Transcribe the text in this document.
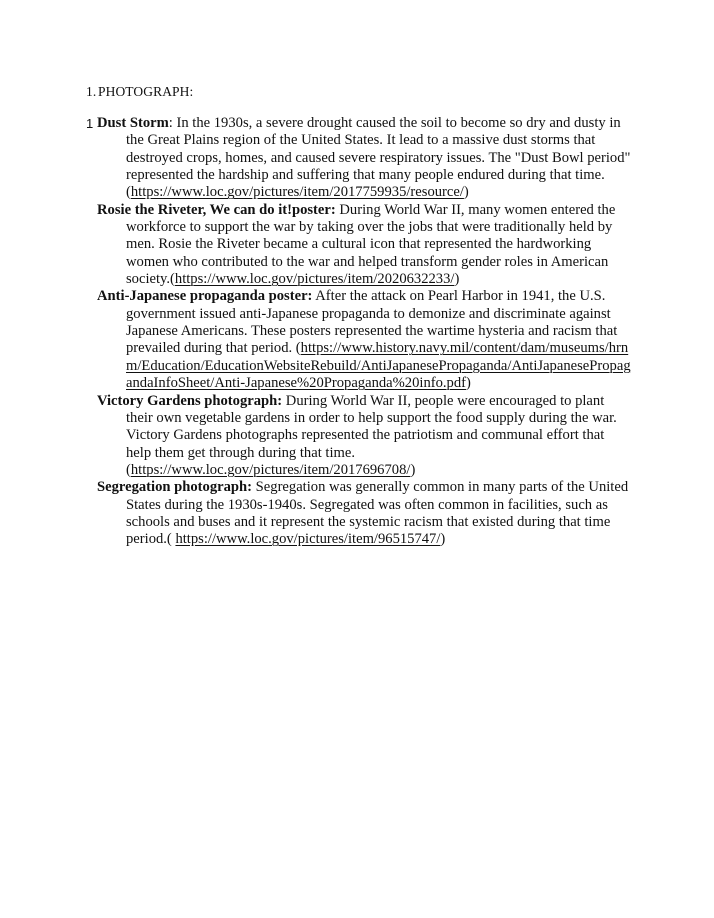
1. PHOTOGRAPH:
1 Dust Storm: In the 1930s, a severe drought caused the soil to become so dry and dusty in the Great Plains region of the United States. It lead to a massive dust storms that destroyed crops, homes, and caused severe respiratory issues. The "Dust Bowl period" represented the hardship and suffering that many people endured during that time. (https://www.loc.gov/pictures/item/2017759935/resource/)
Rosie the Riveter, We can do it!poster: During World War II, many women entered the workforce to support the war by taking over the jobs that were traditionally held by men. Rosie the Riveter became a cultural icon that represented the hardworking women who contributed to the war and helped transform gender roles in American society.(https://www.loc.gov/pictures/item/2020632233/)
Anti-Japanese propaganda poster: After the attack on Pearl Harbor in 1941, the U.S. government issued anti-Japanese propaganda to demonize and discriminate against Japanese Americans. These posters represented the wartime hysteria and racism that prevailed during that period. (https://www.history.navy.mil/content/dam/museums/hrnm/Education/EducationWebsiteRebuild/AntiJapanesePropaganda/AntiJapanesePropagandaInfoSheet/Anti-Japanese%20Propaganda%20info.pdf)
Victory Gardens photograph: During World War II, people were encouraged to plant their own vegetable gardens in order to help support the food supply during the war. Victory Gardens photographs represented the patriotism and communal effort that help them get through during that time. (https://www.loc.gov/pictures/item/2017696708/)
Segregation photograph: Segregation was generally common in many parts of the United States during the 1930s-1940s. Segregated was often common in facilities, such as schools and buses and it represent the systemic racism that existed during that time period.( https://www.loc.gov/pictures/item/96515747/)
